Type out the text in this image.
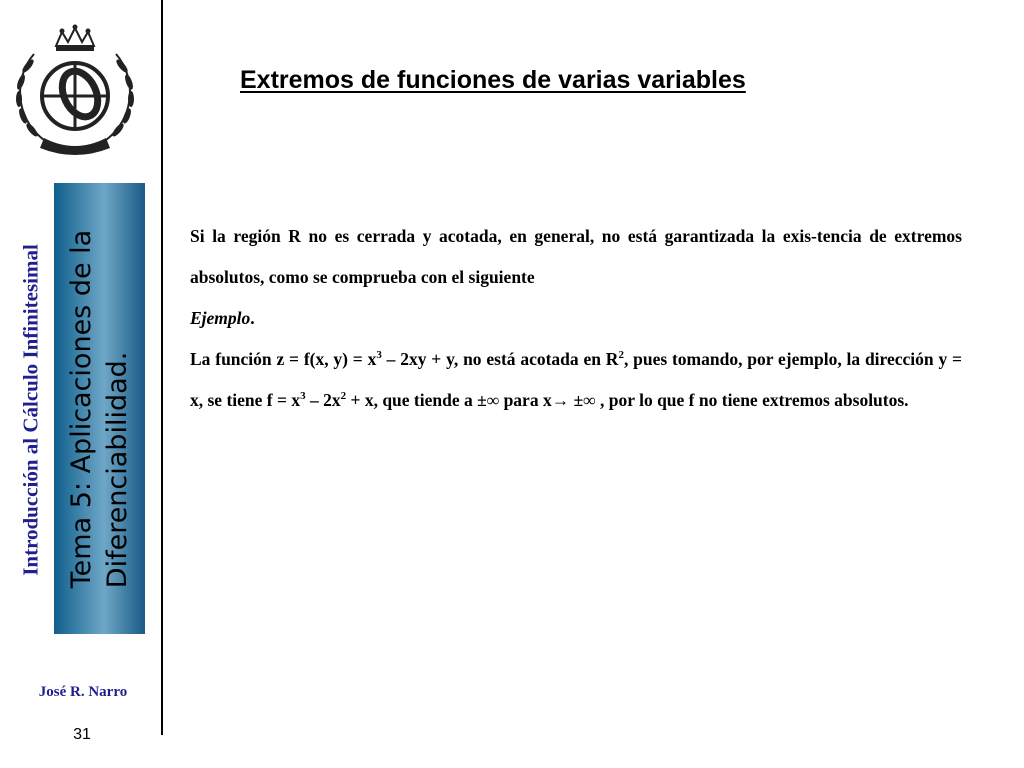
Introducción al Cálculo Infinitesimal Tema 5: Aplicaciones de la Diferenciabilidad.
José R. Narro
31
Extremos de funciones de varias variables

Si la región R no es cerrada y acotada, en general, no está garantizada la exis-tencia de extremos absolutos, como se comprueba con el siguiente

Ejemplo.

La función z = f(x, $y) = x^3 - 2xy + y$, no está acotada en $R^2$, pues tomando, por ejemplo, la dirección y = x, se tiene $f = x^3 - 2x^2 + x$, que tiende a ±∞ para x→ ±∞ , por lo que f no tiene extremos absolutos.
